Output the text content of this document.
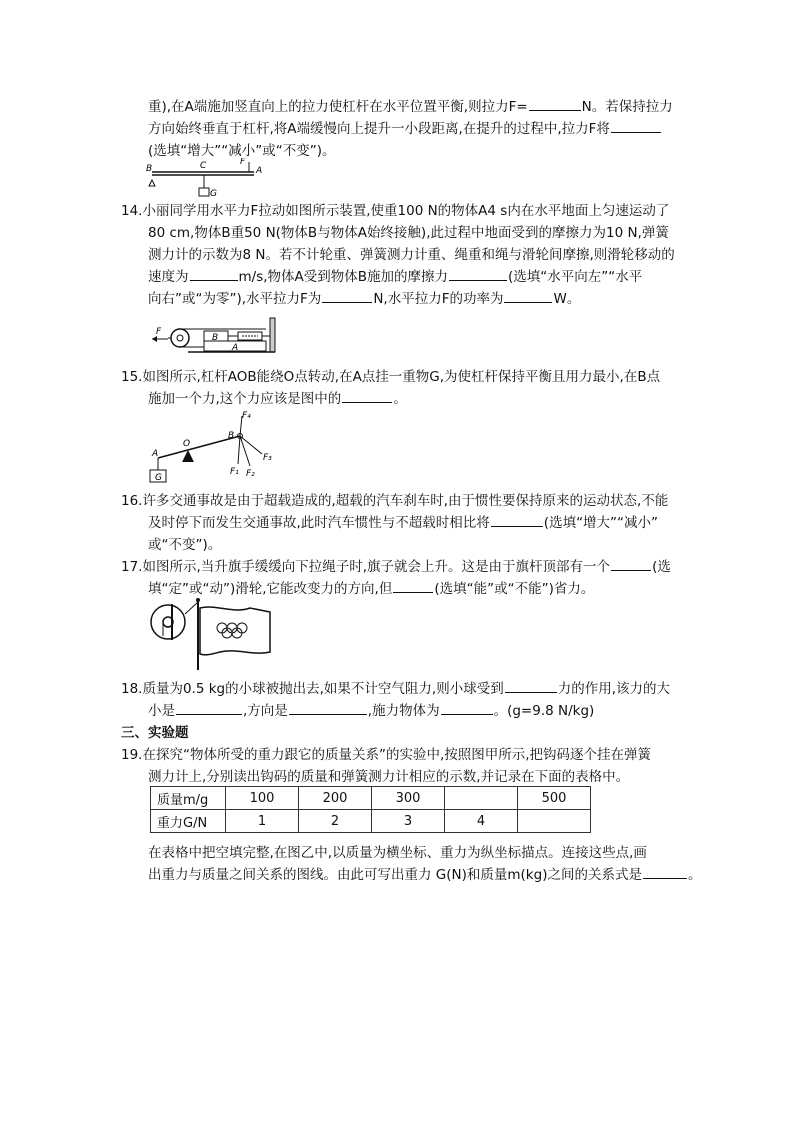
重),在A端施加竖直向上的拉力使杠杆在水平位置平衡,则拉力F=	N。若保持拉力
方向始终垂直于杠杆,将A端缓慢向上提升一小段距离,在提升的过程中,拉力F将
(选填“增大”“减小”或“不变”)。
B	C	F
A
G
14.小丽同学用水平力F拉动如图所示装置,使重100 N的物体A4 s内在水平地面上匀速运动了
80 cm,物体B重50 N(物体B与物体A始终接触),此过程中地面受到的摩擦力为10 N,弹簧
测力计的示数为8 N。若不计轮重、弹簧测力计重、绳重和绳与滑轮间摩擦,则滑轮移动的
速度为	m/s,物体A受到物体B施加的摩擦力	(选填“水平向左”“水平
向右”或“为零”),水平拉力F为	N,水平拉力F的功率为	W。
F
B
A
15.如图所示,杠杆AOB能绕O点转动,在A点挂一重物G,为使杠杆保持平衡且用力最小,在B点
施加一个力,这个力应该是图中的	。
F₄
B
O
A	F₃
F₁ F₂
G
16.许多交通事故是由于超载造成的,超载的汽车刹车时,由于惯性要保持原来的运动状态,不能
及时停下而发生交通事故,此时汽车惯性与不超载时相比将	(选填“增大”“减小”
或“不变”)。
17.如图所示,当升旗手缓缓向下拉绳子时,旗子就会上升。这是由于旗杆顶部有一个	(选
填“定”或“动”)滑轮,它能改变力的方向,但	(选填“能”或“不能”)省力。
18.质量为0.5 kg的小球被抛出去,如果不计空气阻力,则小球受到	力的作用,该力的大
小是	,方向是	,施力物体为	。(g=9.8 N/kg)
三、实验题
19.在探究“物体所受的重力跟它的质量关系”的实验中,按照图甲所示,把钩码逐个挂在弹簧
测力计上,分别读出钩码的质量和弹簧测力计相应的示数,并记录在下面的表格中。
质量m/g	100	200	300		500
重力G/N	1	2	3	4	
在表格中把空填完整,在图乙中,以质量为横坐标、重力为纵坐标描点。连接这些点,画
出重力与质量之间关系的图线。由此可写出重力 G(N)和质量m(kg)之间的关系式是	。
